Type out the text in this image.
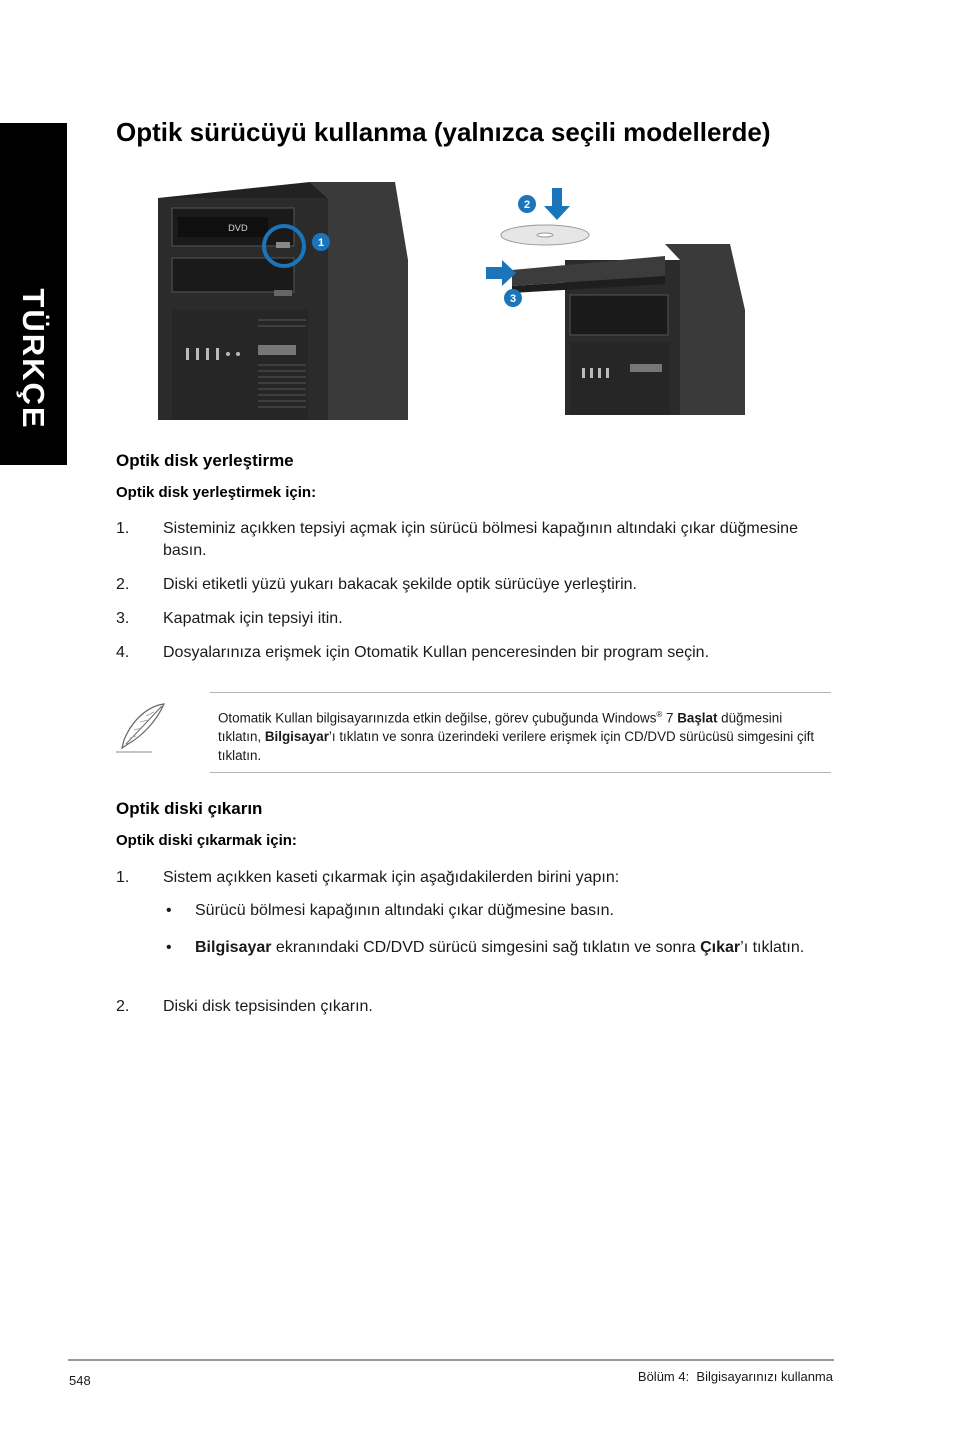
TÜRKÇE
Optik sürücüyü kullanma (yalnızca seçili modellerde)
DVD
1
2
3
Optik disk yerleştirme
Optik disk yerleştirmek için:
1. Sisteminiz açıkken tepsiyi açmak için sürücü bölmesi kapağının altındaki çıkar düğmesine basın.
2. Diski etiketli yüzü yukarı bakacak şekilde optik sürücüye yerleştirin.
3. Kapatmak için tepsiyi itin.
4. Dosyalarınıza erişmek için Otomatik Kullan penceresinden bir program seçin.
Otomatik Kullan bilgisayarınızda etkin değilse, görev çubuğunda Windows® 7 Başlat düğmesini tıklatın, Bilgisayar’ı tıklatın ve sonra üzerindeki verilere erişmek için CD/DVD sürücüsü simgesini çift tıklatın.
Optik diski çıkarın
Optik diski çıkarmak için:
1. Sistem açıkken kaseti çıkarmak için aşağıdakilerden birini yapın:
• Sürücü bölmesi kapağının altındaki çıkar düğmesine basın.
• Bilgisayar ekranındaki CD/DVD sürücü simgesini sağ tıklatın ve sonra Çıkar’ı tıklatın.
2. Diski disk tepsisinden çıkarın.
548	Bölüm 4:  Bilgisayarınızı kullanma
